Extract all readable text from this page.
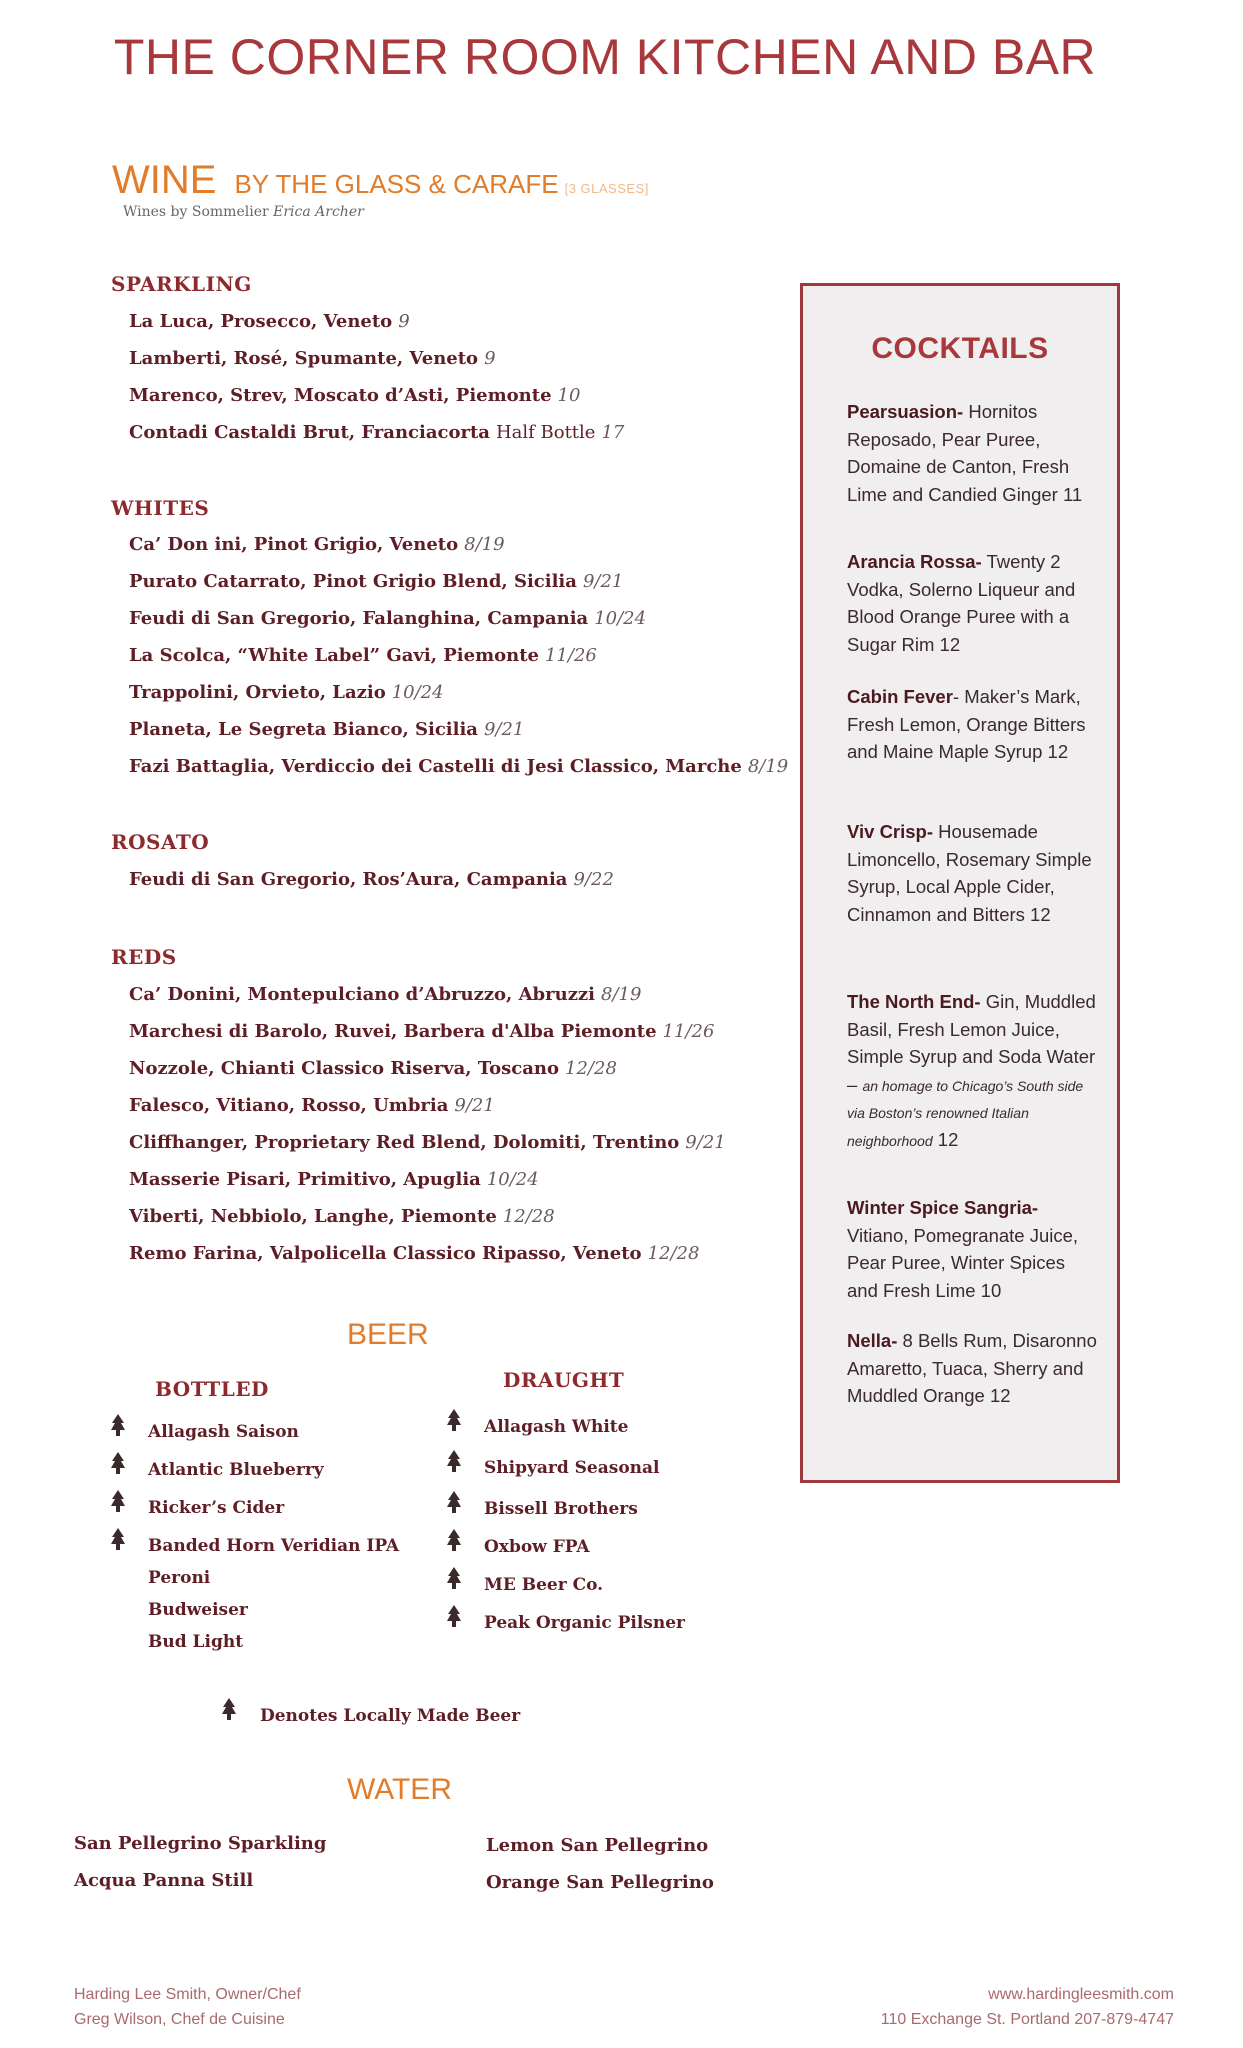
THE CORNER ROOM KITCHEN AND BAR
WINE BY THE GLASS & CARAFE [3 GLASSES]
Wines by Sommelier Erica Archer
SPARKLING
La Luca, Prosecco, Veneto 9
Lamberti, Rosé, Spumante, Veneto 9
Marenco, Strev, Moscato d’Asti, Piemonte 10
Contadi Castaldi Brut, Franciacorta Half Bottle 17
WHITES
Ca’ Don ini, Pinot Grigio, Veneto 8/19
Purato Catarrato, Pinot Grigio Blend, Sicilia 9/21
Feudi di San Gregorio, Falanghina, Campania 10/24
La Scolca, “White Label” Gavi, Piemonte 11/26
Trappolini, Orvieto, Lazio 10/24
Planeta, Le Segreta Bianco, Sicilia 9/21
Fazi Battaglia, Verdiccio dei Castelli di Jesi Classico, Marche 8/19
ROSATO
Feudi di San Gregorio, Ros’Aura, Campania 9/22
REDS
Ca’ Donini, Montepulciano d’Abruzzo, Abruzzi 8/19
Marchesi di Barolo, Ruvei, Barbera d'Alba Piemonte 11/26
Nozzole, Chianti Classico Riserva, Toscano 12/28
Falesco, Vitiano, Rosso, Umbria 9/21
Cliffhanger, Proprietary Red Blend, Dolomiti, Trentino 9/21
Masserie Pisari, Primitivo, Apuglia 10/24
Viberti, Nebbiolo, Langhe, Piemonte 12/28
Remo Farina, Valpolicella Classico Ripasso, Veneto 12/28
BEER
BOTTLED	DRAUGHT
Allagash Saison
Atlantic Blueberry
Ricker’s Cider
Banded Horn Veridian IPA
Peroni
Budweiser
Bud Light
Allagash White
Shipyard Seasonal
Bissell Brothers
Oxbow FPA
ME Beer Co.
Peak Organic Pilsner
Denotes Locally Made Beer
WATER
San Pellegrino Sparkling
Acqua Panna Still
Lemon San Pellegrino
Orange San Pellegrino
Harding Lee Smith, Owner/Chef
Greg Wilson, Chef de Cuisine
www.hardingleesmith.com
110 Exchange St. Portland 207-879-4747
COCKTAILS
Pearsuasion- Hornitos Reposado, Pear Puree, Domaine de Canton, Fresh Lime and Candied Ginger 11
Arancia Rossa- Twenty 2 Vodka, Solerno Liqueur and Blood Orange Puree with a Sugar Rim 12
Cabin Fever- Maker’s Mark, Fresh Lemon, Orange Bitters and Maine Maple Syrup 12
Viv Crisp- Housemade Limoncello, Rosemary Simple Syrup, Local Apple Cider, Cinnamon and Bitters 12
The North End- Gin, Muddled Basil, Fresh Lemon Juice, Simple Syrup and Soda Water – an homage to Chicago’s South side via Boston’s renowned Italian neighborhood 12
Winter Spice Sangria- Vitiano, Pomegranate Juice, Pear Puree, Winter Spices and Fresh Lime 10
Nella- 8 Bells Rum, Disaronno Amaretto, Tuaca, Sherry and Muddled Orange 12
